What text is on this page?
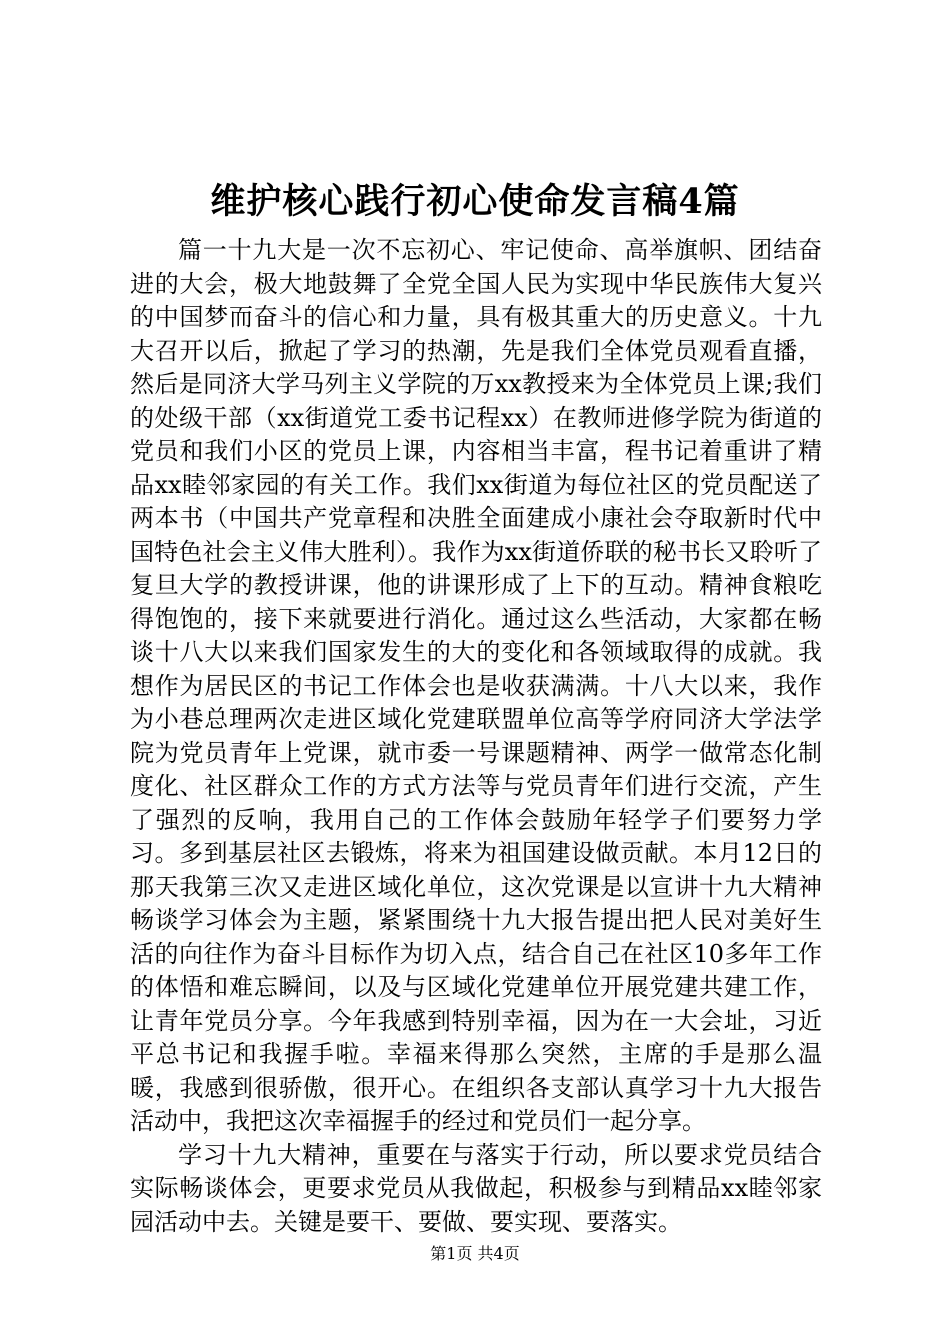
维护核心践行初心使命发言稿4篇

篇一十九大是一次不忘初心、牢记使命、高举旗帜、团结奋进的大会，极大地鼓舞了全党全国人民为实现中华民族伟大复兴的中国梦而奋斗的信心和力量，具有极其重大的历史意义。十九大召开以后，掀起了学习的热潮，先是我们全体党员观看直播，然后是同济大学马列主义学院的万xx教授来为全体党员上课;我们的处级干部（xx街道党工委书记程xx）在教师进修学院为街道的党员和我们小区的党员上课，内容相当丰富，程书记着重讲了精品xx睦邻家园的有关工作。我们xx街道为每位社区的党员配送了两本书（中国共产党章程和决胜全面建成小康社会夺取新时代中国特色社会主义伟大胜利）。我作为xx街道侨联的秘书长又聆听了复旦大学的教授讲课，他的讲课形成了上下的互动。精神食粮吃得饱饱的，接下来就要进行消化。通过这么些活动，大家都在畅谈十八大以来我们国家发生的大的变化和各领域取得的成就。我想作为居民区的书记工作体会也是收获满满。十八大以来，我作为小巷总理两次走进区域化党建联盟单位高等学府同济大学法学院为党员青年上党课，就市委一号课题精神、两学一做常态化制度化、社区群众工作的方式方法等与党员青年们进行交流，产生了强烈的反响，我用自己的工作体会鼓励年轻学子们要努力学习。多到基层社区去锻炼，将来为祖国建设做贡献。本月12日的那天我第三次又走进区域化单位，这次党课是以宣讲十九大精神畅谈学习体会为主题，紧紧围绕十九大报告提出把人民对美好生活的向往作为奋斗目标作为切入点，结合自己在社区10多年工作的体悟和难忘瞬间，以及与区域化党建单位开展党建共建工作，让青年党员分享。今年我感到特别幸福，因为在一大会址，习近平总书记和我握手啦。幸福来得那么突然，主席的手是那么温暖，我感到很骄傲，很开心。在组织各支部认真学习十九大报告活动中，我把这次幸福握手的经过和党员们一起分享。

学习十九大精神，重要在与落实于行动，所以要求党员结合实际畅谈体会，更要求党员从我做起，积极参与到精品xx睦邻家园活动中去。关键是要干、要做、要实现、要落实。

第1页 共4页
